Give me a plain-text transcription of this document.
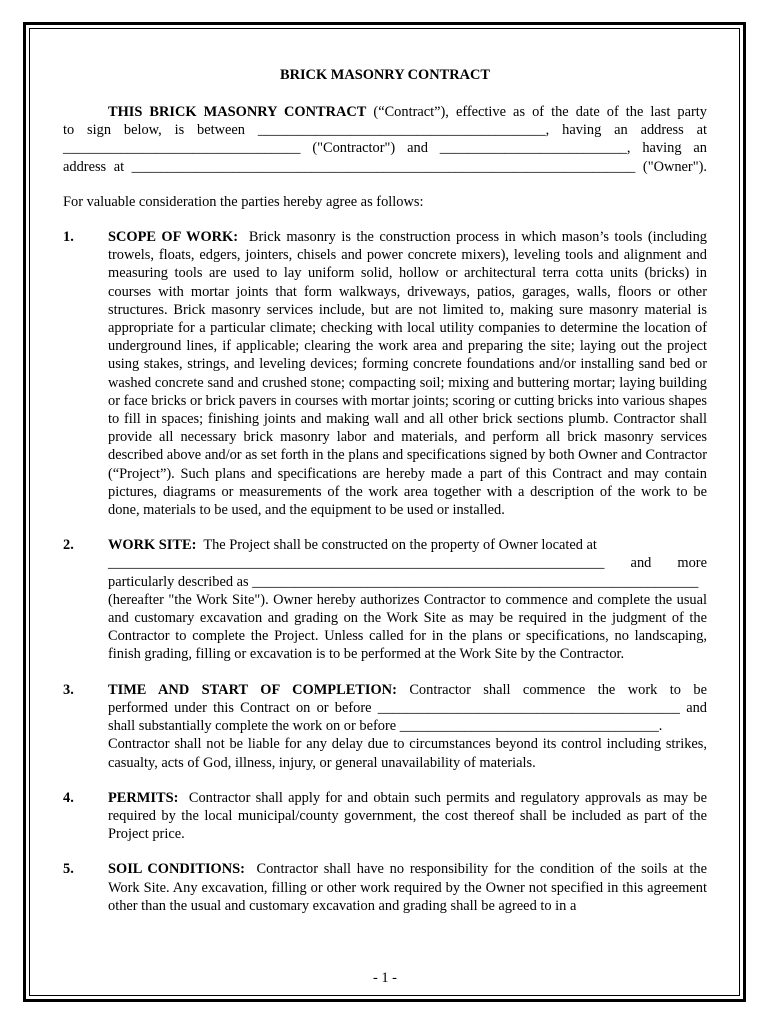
BRICK MASONRY CONTRACT

THIS BRICK MASONRY CONTRACT (“Contract”), effective as of the date of the last party

to sign below, is between ________________________________________, having an address at

_________________________________ ("Contractor") and __________________________, having an

address at ______________________________________________________________________ ("Owner").

For valuable consideration the parties hereby agree as follows:

1. SCOPE OF WORK: Brick masonry is the construction process in which mason’s tools (including trowels, floats, edgers, jointers, chisels and power concrete mixers), leveling tools and alignment and measuring tools are used to lay uniform solid, hollow or architectural terra cotta units (bricks) in courses with mortar joints that form walkways, driveways, patios, garages, walls, floors or other structures. Brick masonry services include, but are not limited to, making sure masonry material is appropriate for a particular climate; checking with local utility companies to determine the location of underground lines, if applicable; clearing the work area and preparing the site; laying out the project using stakes, strings, and leveling devices; forming concrete foundations and/or installing sand bed or washed concrete sand and crushed stone; compacting soil; mixing and buttering mortar; laying building or face bricks or brick pavers in courses with mortar joints; scoring or cutting bricks into various shapes to fill in spaces; finishing joints and making wall and all other brick sections plumb. Contractor shall provide all necessary brick masonry labor and materials, and perform all brick masonry services described above and/or as set forth in the plans and specifications signed by both Owner and Contractor (“Project”). Such plans and specifications are hereby made a part of this Contract and may contain pictures, diagrams or measurements of the work area together with a description of the work to be done, materials to be used, and the equipment to be used or installed.

2. WORK SITE: The Project shall be constructed on the property of Owner located at

_____________________________________________________________________ and more

particularly described as ______________________________________________________________

(hereafter "the Work Site"). Owner hereby authorizes Contractor to commence and complete the usual and customary excavation and grading on the Work Site as may be required in the judgment of the Contractor to complete the Project. Unless called for in the plans or specifications, no landscaping, finish grading, filling or excavation is to be performed at the Work Site by the Contractor.

3. TIME AND START OF COMPLETION: Contractor shall commence the work to be

performed under this Contract on or before __________________________________________ and

shall substantially complete the work on or before ____________________________________.

Contractor shall not be liable for any delay due to circumstances beyond its control including strikes, casualty, acts of God, illness, injury, or general unavailability of materials.

4. PERMITS: Contractor shall apply for and obtain such permits and regulatory approvals as may be required by the local municipal/county government, the cost thereof shall be included as part of the Project price.

5. SOIL CONDITIONS: Contractor shall have no responsibility for the condition of the soils at the Work Site. Any excavation, filling or other work required by the Owner not specified in this agreement other than the usual and customary excavation and grading shall be agreed to in a

- 1 -
